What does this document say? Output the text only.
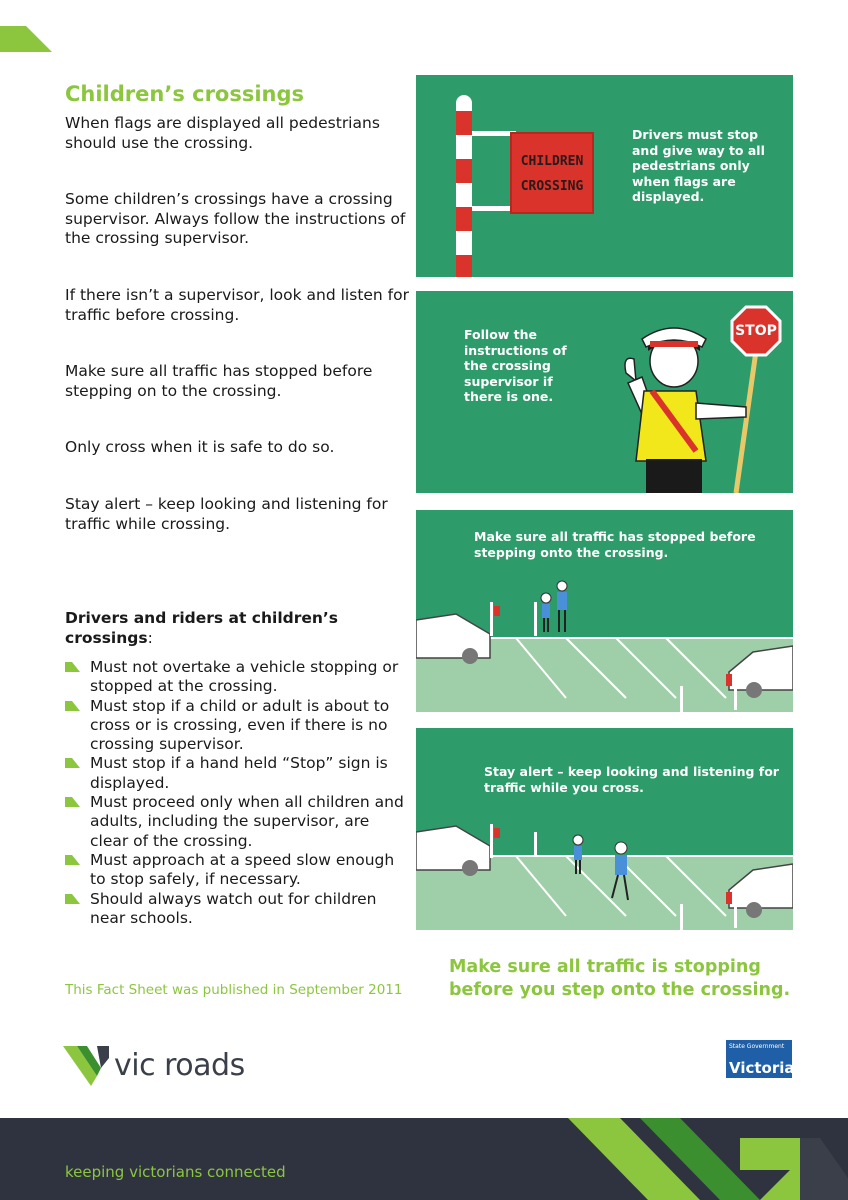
Children’s crossings

When flags are displayed all pedestrians should use the crossing.

Some children’s crossings have a crossing supervisor. Always follow the instructions of the crossing supervisor.

If there isn’t a supervisor, look and listen for traffic before crossing.

Make sure all traffic has stopped before stepping on to the crossing.

Only cross when it is safe to do so.

Stay alert – keep looking and listening for traffic while crossing.

Drivers and riders at children’s crossings:

Must not overtake a vehicle stopping or stopped at the crossing.
Must stop if a child or adult is about to cross or is crossing, even if there is no crossing supervisor.
Must stop if a hand held “Stop” sign is displayed.
Must proceed only when all children and adults, including the supervisor, are clear of the crossing.
Must approach at a speed slow enough to stop safely, if necessary.
Should always watch out for children near schools.

This Fact Sheet was published in September 2011

CHILDREN
CROSSING

Drivers must stop and give way to all pedestrians only when flags are displayed.

STOP

Follow the instructions of the crossing supervisor if there is one.

Make sure all traffic has stopped before stepping onto the crossing.

Stay alert – keep looking and listening for traffic while you cross.

Make sure all traffic is stopping before you step onto the crossing.

vic roads
State Government
Victoria

keeping victorians connected
